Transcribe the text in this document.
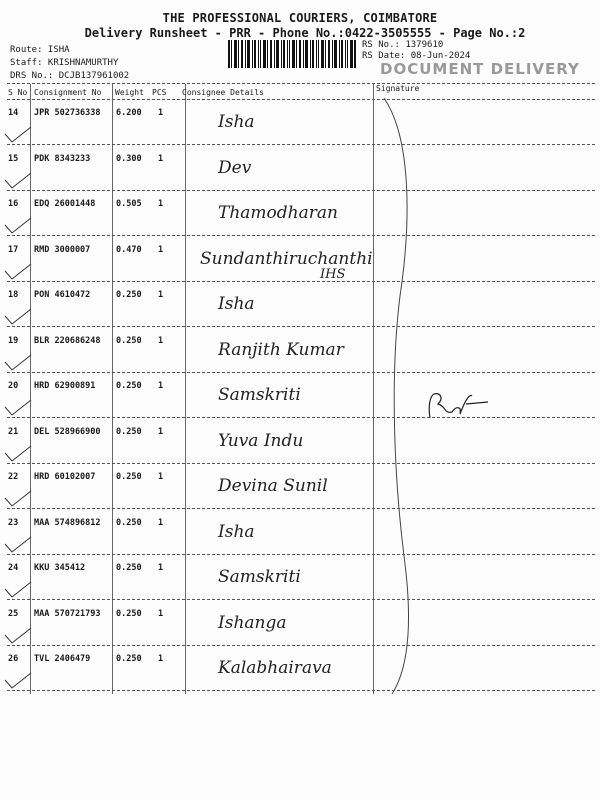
THE PROFESSIONAL COURIERS, COIMBATORE
Delivery Runsheet - PRR - Phone No.:0422-3505555 - Page No.:2
Route: ISHA
Staff: KRISHNAMURTHY
DRS No.: DCJB137961002
RS No.: 1379610
RS Date: 08-Jun-2024
DOCUMENT DELIVERY
S No Consignment No Weight PCS Consignee Details	Signature
14 JPR 502736338 6.200 1	Isha
15 PDK 8343233	0.300 1	Dev
16 EDQ 26001448 0.505 1	Thamodharan
17 RMD 3000007	0.470 1 Sundanthiruchanthi
IHS
18 PON 4610472	0.250 1	Isha
19 BLR 220686248 0.250 1	Ranjith Kumar
20 HRD 62900891 0.250 1	Samskriti
21 DEL 528966900 0.250 1	Yuva Indu
22 HRD 60102007 0.250 1	Devina Sunil
23 MAA 574896812 0.250 1	Isha
24 KKU 345412	0.250 1	Samskriti
25 MAA 570721793 0.250 1	Ishanga
26 TVL 2406479	0.250 1	Kalabhairava
